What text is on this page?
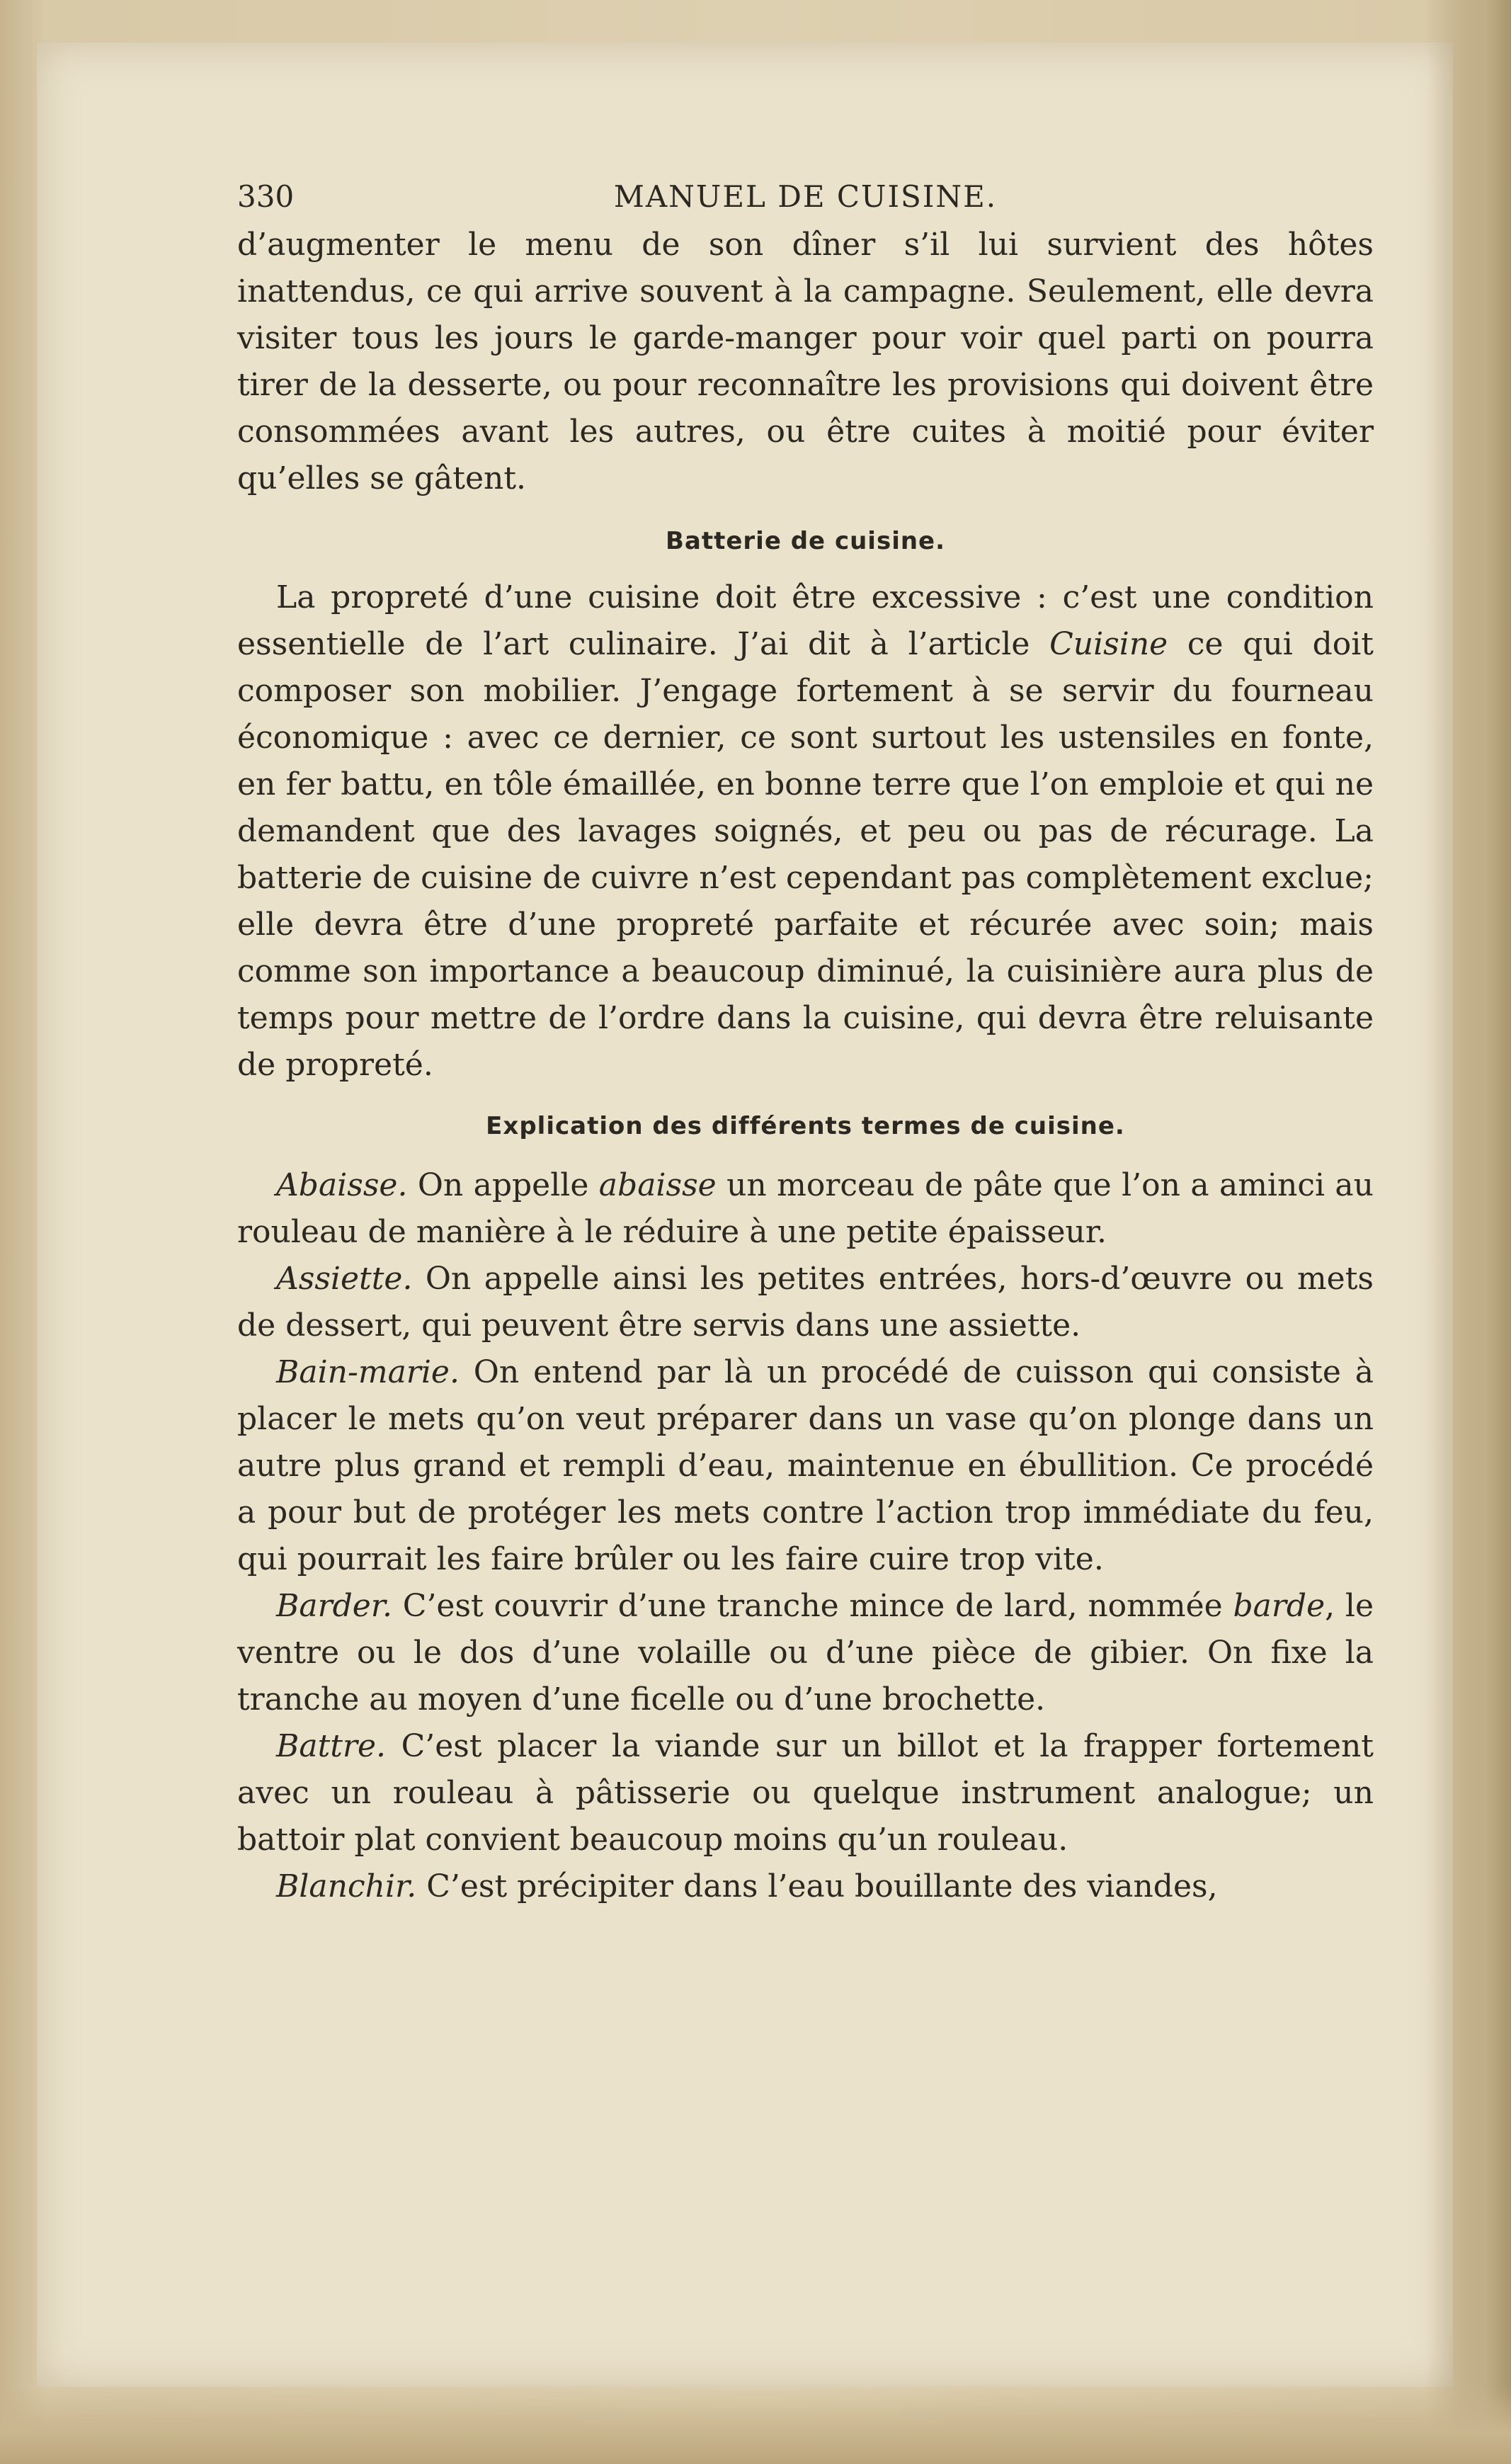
330	MANUEL DE CUISINE.

d’augmenter le menu de son dîner s’il lui survient des hôtes inattendus, ce qui arrive souvent à la campagne. Seulement, elle devra visiter tous les jours le garde-manger pour voir quel parti on pourra tirer de la desserte, ou pour reconnaître les provisions qui doivent être consommées avant les autres, ou être cuites à moitié pour éviter qu’elles se gâtent.

Batterie de cuisine.

La propreté d’une cuisine doit être excessive : c’est une condition essentielle de l’art culinaire. J’ai dit à l’article Cuisine ce qui doit composer son mobilier. J’engage fortement à se servir du fourneau économique : avec ce dernier, ce sont surtout les ustensiles en fonte, en fer battu, en tôle émaillée, en bonne terre que l’on emploie et qui ne demandent que des lavages soignés, et peu ou pas de récurage. La batterie de cuisine de cuivre n’est cependant pas complètement exclue; elle devra être d’une propreté parfaite et récurée avec soin; mais comme son importance a beaucoup diminué, la cuisinière aura plus de temps pour mettre de l’ordre dans la cuisine, qui devra être reluisante de propreté.

Explication des différents termes de cuisine.

Abaisse. On appelle abaisse un morceau de pâte que l’on a aminci au rouleau de manière à le réduire à une petite épaisseur.

Assiette. On appelle ainsi les petites entrées, hors-d’œuvre ou mets de dessert, qui peuvent être servis dans une assiette.

Bain-marie. On entend par là un procédé de cuisson qui consiste à placer le mets qu’on veut préparer dans un vase qu’on plonge dans un autre plus grand et rempli d’eau, maintenue en ébullition. Ce procédé a pour but de protéger les mets contre l’action trop immédiate du feu, qui pourrait les faire brûler ou les faire cuire trop vite.

Barder. C’est couvrir d’une tranche mince de lard, nommée barde, le ventre ou le dos d’une volaille ou d’une pièce de gibier. On fixe la tranche au moyen d’une ficelle ou d’une brochette.

Battre. C’est placer la viande sur un billot et la frapper fortement avec un rouleau à pâtisserie ou quelque instrument analogue; un battoir plat convient beaucoup moins qu’un rouleau.

Blanchir. C’est précipiter dans l’eau bouillante des viandes,
